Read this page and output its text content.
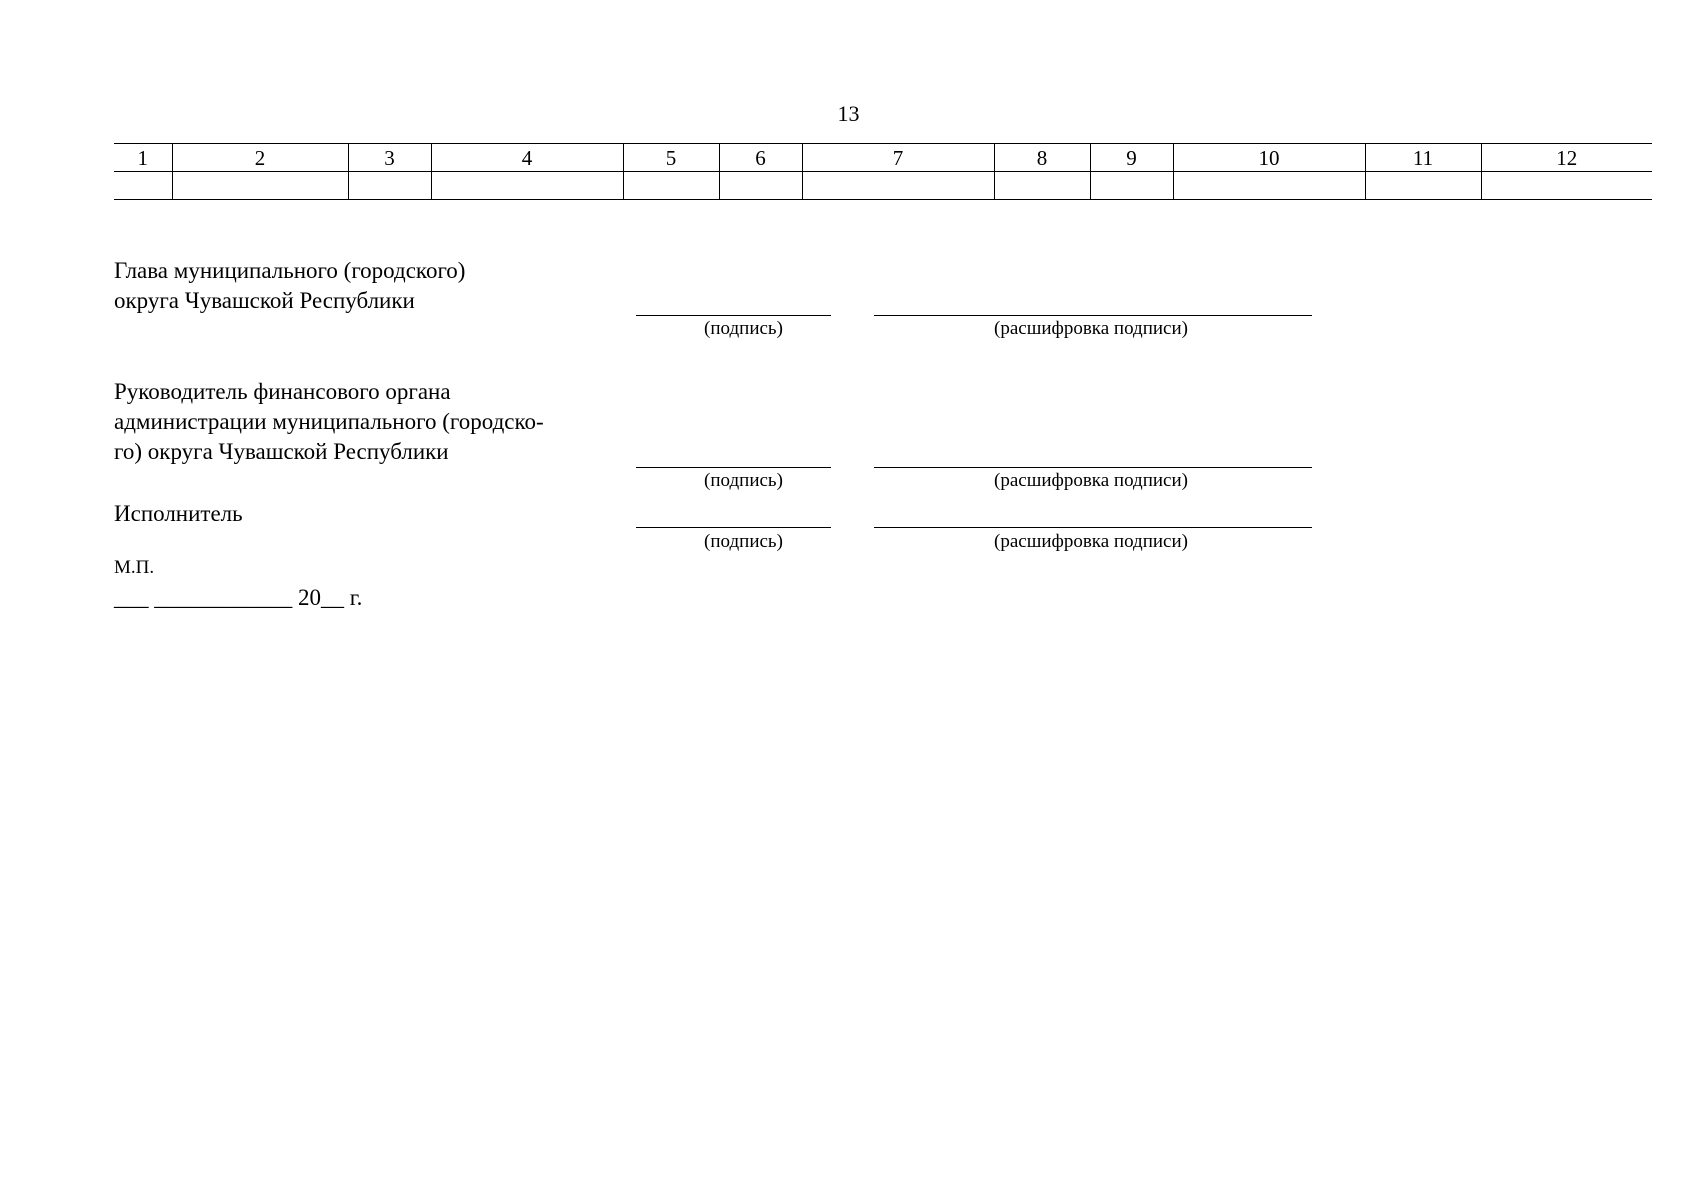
13
1	2	3	4	5	6	7	8	9	10	11	12

Глава муниципального (городского)
округа Чувашской Республики
(подпись)	(расшифровка подписи)
Руководитель финансового органа
администрации муниципального (городско-
го) округа Чувашской Республики
(подпись)	(расшифровка подписи)
Исполнитель
(подпись)	(расшифровка подписи)
М.П.
___ ____________ 20__ г.
